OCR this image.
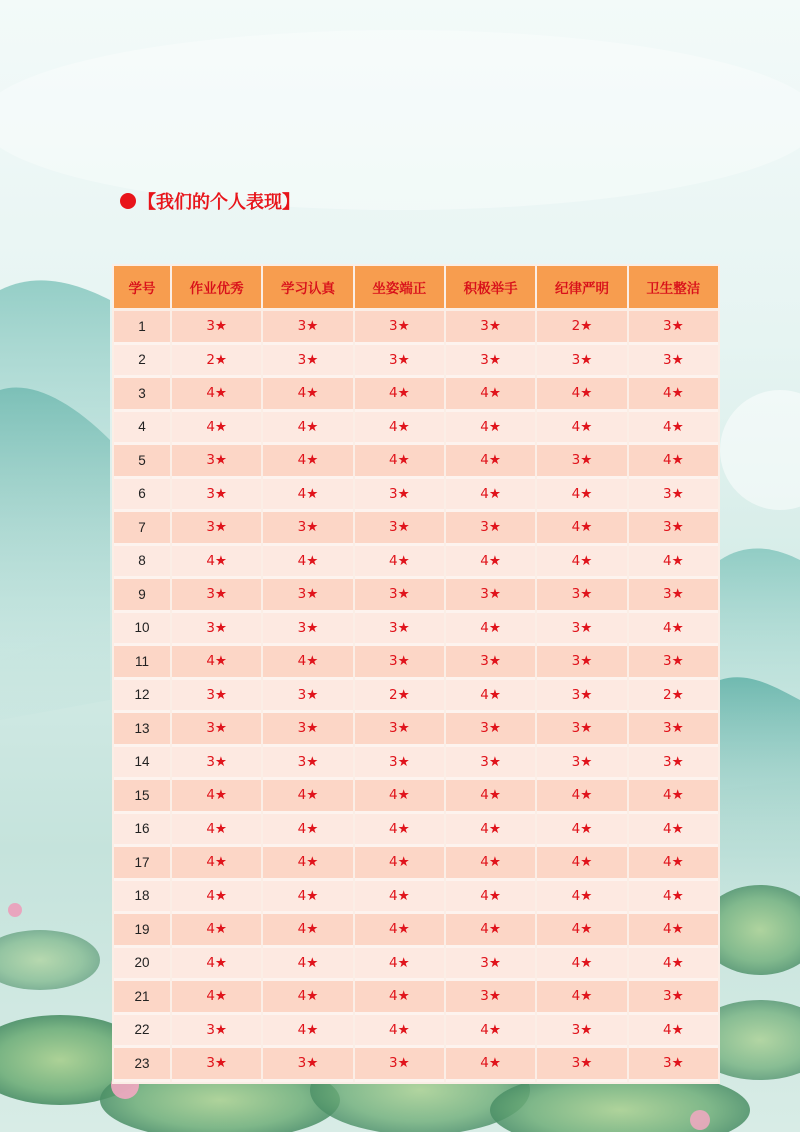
【我们的个人表现】
学号	作业优秀	学习认真	坐姿端正	积极举手	纪律严明	卫生整洁
1	3★	3★	3★	3★	2★	3★
2	2★	3★	3★	3★	3★	3★
3	4★	4★	4★	4★	4★	4★
4	4★	4★	4★	4★	4★	4★
5	3★	4★	4★	4★	3★	4★
6	3★	4★	3★	4★	4★	3★
7	3★	3★	3★	3★	4★	3★
8	4★	4★	4★	4★	4★	4★
9	3★	3★	3★	3★	3★	3★
10	3★	3★	3★	4★	3★	4★
11	4★	4★	3★	3★	3★	3★
12	3★	3★	2★	4★	3★	2★
13	3★	3★	3★	3★	3★	3★
14	3★	3★	3★	3★	3★	3★
15	4★	4★	4★	4★	4★	4★
16	4★	4★	4★	4★	4★	4★
17	4★	4★	4★	4★	4★	4★
18	4★	4★	4★	4★	4★	4★
19	4★	4★	4★	4★	4★	4★
20	4★	4★	4★	3★	4★	4★
21	4★	4★	4★	3★	4★	3★
22	3★	4★	4★	4★	3★	4★
23	3★	3★	3★	4★	3★	3★
